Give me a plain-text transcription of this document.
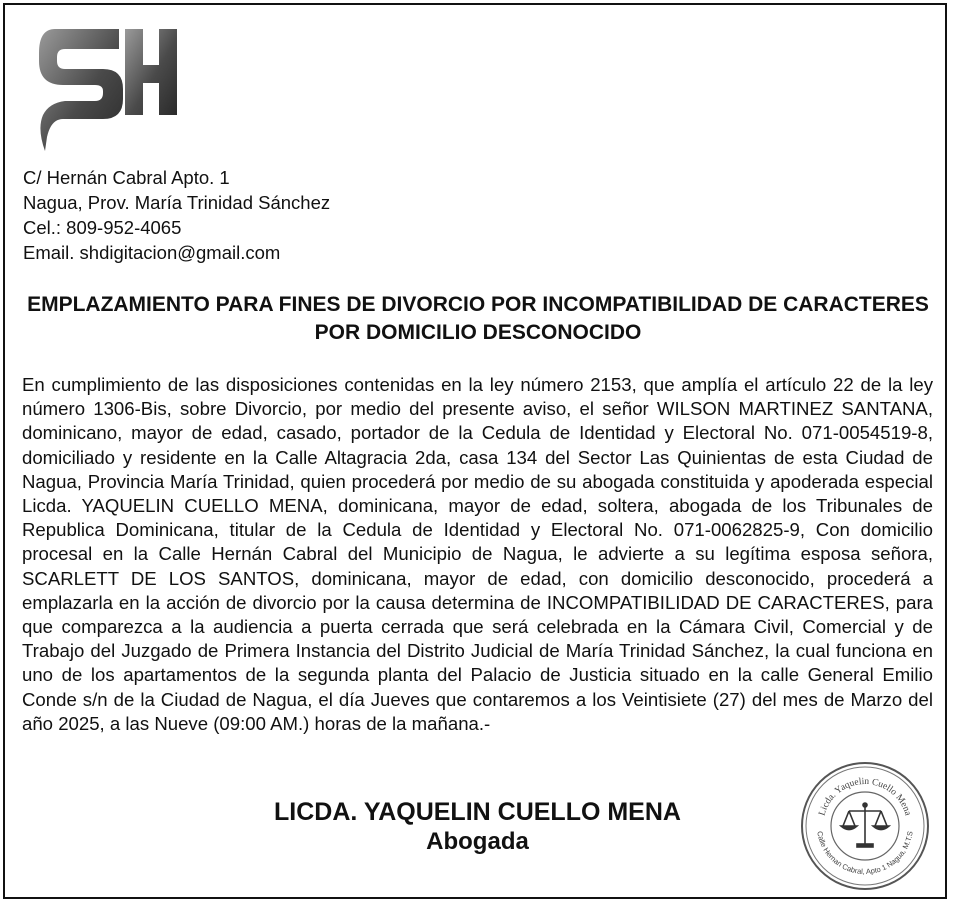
SH
C/ Hernán Cabral Apto. 1
Nagua, Prov. María Trinidad Sánchez
Cel.: 809-952-4065
Email. shdigitacion@gmail.com
EMPLAZAMIENTO PARA FINES DE DIVORCIO POR INCOMPATIBILIDAD DE CARACTERES POR DOMICILIO DESCONOCIDO
En cumplimiento de las disposiciones contenidas en la ley número 2153, que amplía el artículo 22 de la ley número 1306-Bis, sobre Divorcio, por medio del presente aviso, el señor WILSON MARTINEZ SANTANA, dominicano, mayor de edad, casado, portador de la Cedula de Identidad y Electoral No. 071-0054519-8, domiciliado y residente en la Calle Altagracia 2da, casa 134 del Sector Las Quinientas de esta Ciudad de Nagua, Provincia María Trinidad, quien procederá por medio de su abogada constituida y apoderada especial Licda. YAQUELIN CUELLO MENA, dominicana, mayor de edad, soltera, abogada de los Tribunales de Republica Dominicana, titular de la Cedula de Identidad y Electoral No. 071-0062825-9, Con domicilio procesal en la Calle Hernán Cabral del Municipio de Nagua, le advierte a su legítima esposa señora, SCARLETT DE LOS SANTOS, dominicana, mayor de edad, con domicilio desconocido, procederá a emplazarla en la acción de divorcio por la causa determina de INCOMPATIBILIDAD DE CARACTERES, para que comparezca a la audiencia a puerta cerrada que será celebrada en la Cámara Civil, Comercial y de Trabajo del Juzgado de Primera Instancia del Distrito Judicial de María Trinidad Sánchez, la cual funciona en uno de los apartamentos de la segunda planta del Palacio de Justicia situado en la calle General Emilio Conde s/n de la Ciudad de Nagua, el día Jueves que contaremos a los Veintisiete (27) del mes de Marzo del año 2025, a las Nueve (09:00 AM.) horas de la mañana.-
LICDA. YAQUELIN CUELLO MENA
Abogada
Licda. Yaquelin Cuello Mena
Calle Hernan Cabral, Apto 1 Nagua, M.T.S
